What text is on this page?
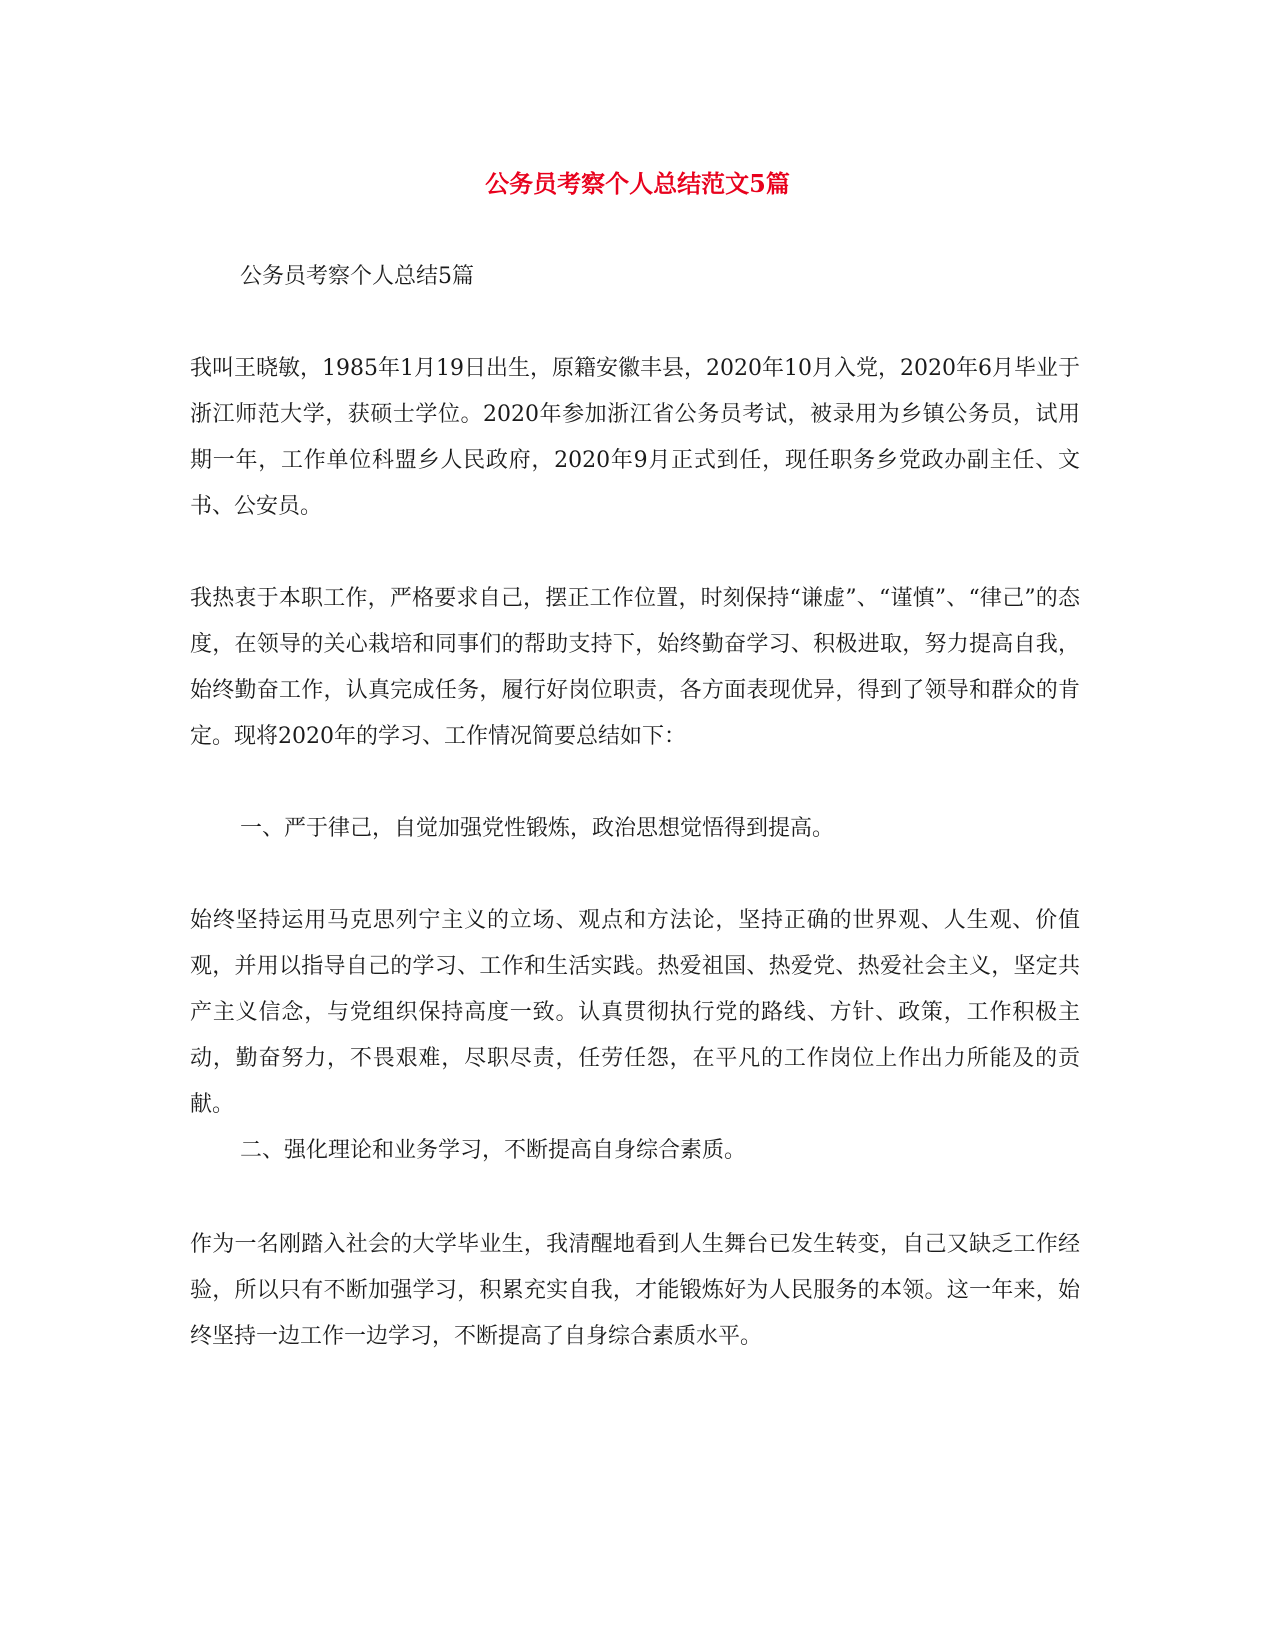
公务员考察个人总结范文5篇

公务员考察个人总结5篇

我叫王晓敏，1985年1月19日出生，原籍安徽丰县，2020年10月入党，2020年6月毕业于浙江师范大学，获硕士学位。2020年参加浙江省公务员考试，被录用为乡镇公务员，试用期一年，工作单位科盟乡人民政府，2020年9月正式到任，现任职务乡党政办副主任、文书、公安员。

我热衷于本职工作，严格要求自己，摆正工作位置，时刻保持“谦虚”、“谨慎”、“律己”的态度，在领导的关心栽培和同事们的帮助支持下，始终勤奋学习、积极进取，努力提高自我，始终勤奋工作，认真完成任务，履行好岗位职责，各方面表现优异，得到了领导和群众的肯定。现将2020年的学习、工作情况简要总结如下：

一、严于律己，自觉加强党性锻炼，政治思想觉悟得到提高。

始终坚持运用马克思列宁主义的立场、观点和方法论，坚持正确的世界观、人生观、价值观，并用以指导自己的学习、工作和生活实践。热爱祖国、热爱党、热爱社会主义，坚定共产主义信念，与党组织保持高度一致。认真贯彻执行党的路线、方针、政策，工作积极主动，勤奋努力，不畏艰难，尽职尽责，任劳任怨，在平凡的工作岗位上作出力所能及的贡献。

二、强化理论和业务学习，不断提高自身综合素质。

作为一名刚踏入社会的大学毕业生，我清醒地看到人生舞台已发生转变，自己又缺乏工作经验，所以只有不断加强学习，积累充实自我，才能锻炼好为人民服务的本领。这一年来，始终坚持一边工作一边学习，不断提高了自身综合素质水平。
